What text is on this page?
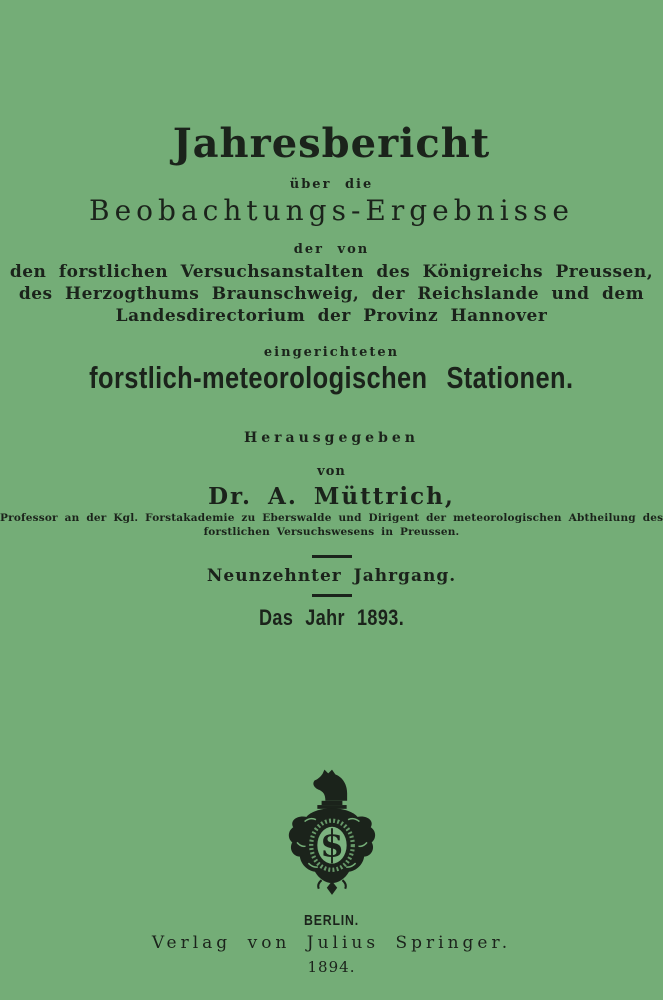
Jahresbericht
über die
Beobachtungs-Ergebnisse
der von
den forstlichen Versuchsanstalten des Königreichs Preussen,
des Herzogthums Braunschweig, der Reichslande und dem
Landesdirectorium der Provinz Hannover
eingerichteten
forstlich-meteorologischen Stationen.
Herausgegeben
von
Dr. A. Müttrich,
Professor an der Kgl. Forstakademie zu Eberswalde und Dirigent der meteorologischen Abtheilung des
forstlichen Versuchswesens in Preussen.
Neunzehnter Jahrgang.
Das Jahr 1893.
S
BERLIN.
Verlag von Julius Springer.
1894.
